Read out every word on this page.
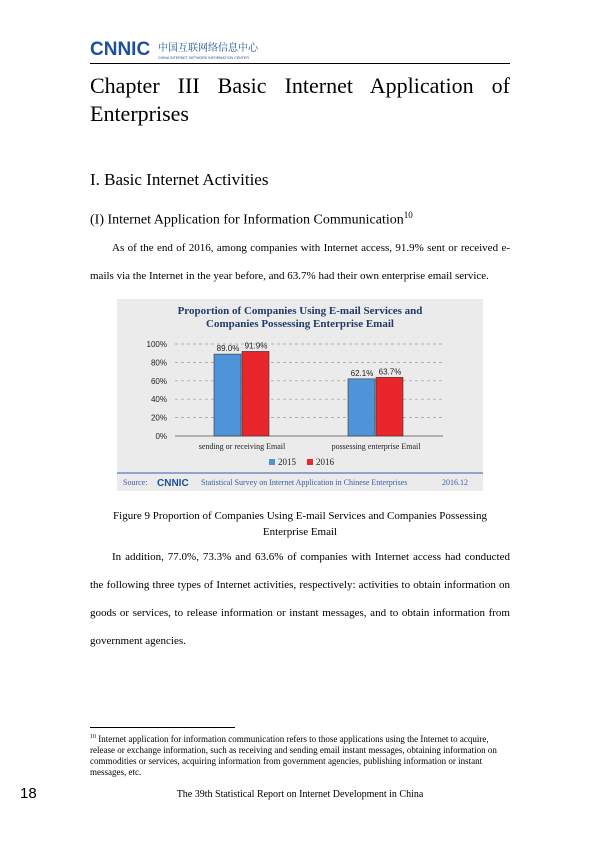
CNNIC 中国互联网络信息中心
CHINA INTERNET NETWORK INFORMATION CENTER
Chapter III Basic Internet Application of
Enterprises
I. Basic Internet Activities
(I) Internet Application for Information Communication$^{10}$
As of the end of 2016, among companies with Internet access, 91.9% sent or received e-mails via the Internet in the year before, and 63.7% had their own enterprise email service.
Proportion of Companies Using E-mail Services and
Companies Possessing Enterprise Email
0%
20%
40%
60%
80%
100%	89.0% 91.9%
62.1% 63.7%
sending or receiving Email	possessing enterprise Email
2015 2016
Source: CNNIC Statistical Survey on Internet Application in Chinese Enterprises	2016.12
Figure 9 Proportion of Companies Using E-mail Services and Companies Possessing Enterprise Email
In addition, 77.0%, 73.3% and 63.6% of companies with Internet access had conducted the following three types of Internet activities, respectively: activities to obtain information on goods or services, to release information or instant messages, and to obtain information from government agencies.
$^{10}$ Internet application for information communication refers to those applications using the Internet to acquire, release or exchange information, such as receiving and sending email instant messages, obtaining information on commodities or services, acquiring information from government agencies, publishing information or instant messages, etc.
18	The 39th Statistical Report on Internet Development in China
